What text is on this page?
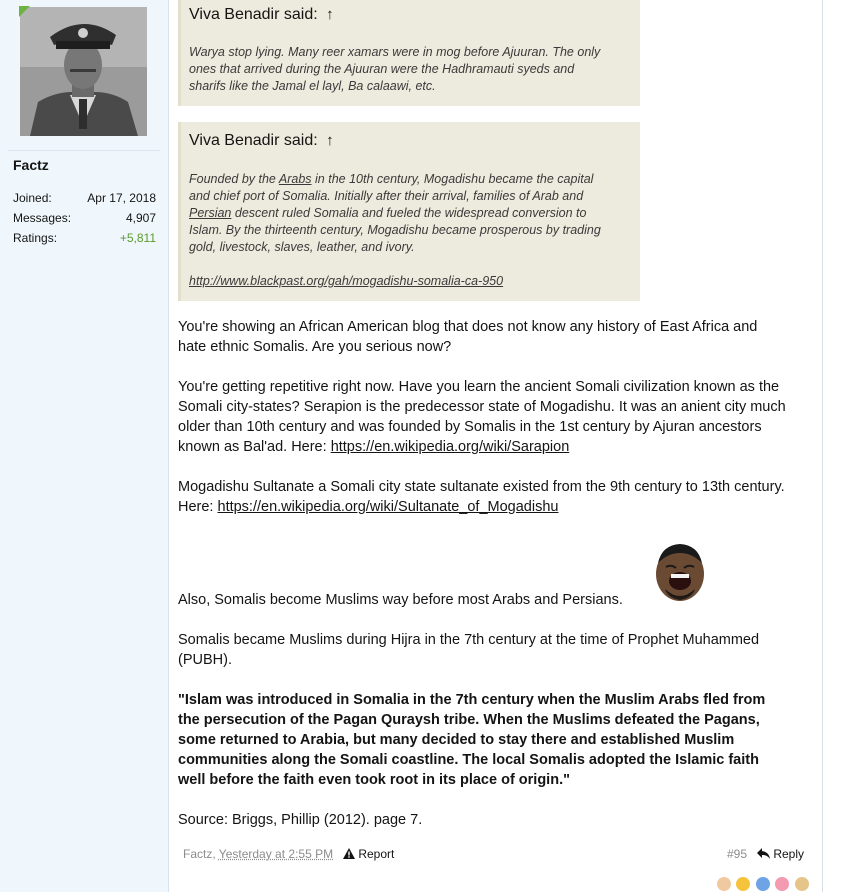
Factz
Joined:	Apr 17, 2018
Messages:	4,907
Ratings:	+5,811
Viva Benadir said: ↑
Warya stop lying. Many reer xamars were in mog before Ajuuran. The only
ones that arrived during the Ajuuran were the Hadhramauti syeds and
sharifs like the Jamal el layl, Ba calaawi, etc.
Viva Benadir said: ↑
Founded by the Arabs in the 10th century, Mogadishu became the capital
and chief port of Somalia. Initially after their arrival, families of Arab and
Persian descent ruled Somalia and fueled the widespread conversion to
Islam. By the thirteenth century, Mogadishu became prosperous by trading
gold, livestock, slaves, leather, and ivory.
http://www.blackpast.org/gah/mogadishu-somalia-ca-950
You're showing an African American blog that does not know any history of East Africa and
hate ethnic Somalis. Are you serious now?
You're getting repetitive right now. Have you learn the ancient Somali civilization known as the
Somali city-states? Serapion is the predecessor state of Mogadishu. It was an anient city much
older than 10th century and was founded by Somalis in the 1st century by Ajuran ancestors
known as Bal'ad. Here: https://en.wikipedia.org/wiki/Sarapion
Mogadishu Sultanate a Somali city state sultanate existed from the 9th century to 13th century.
Here: https://en.wikipedia.org/wiki/Sultanate_of_Mogadishu
Also, Somalis become Muslims way before most Arabs and Persians.
Somalis became Muslims during Hijra in the 7th century at the time of Prophet Muhammed
(PUBH).
"Islam was introduced in Somalia in the 7th century when the Muslim Arabs fled from
the persecution of the Pagan Quraysh tribe. When the Muslims defeated the Pagans,
some returned to Arabia, but many decided to stay there and established Muslim
communities along the Somali coastline. The local Somalis adopted the Islamic faith
well before the faith even took root in its place of origin."
Source: Briggs, Phillip (2012). page 7.
Factz, Yesterday at 2:55 PM	Report	#95	Reply
